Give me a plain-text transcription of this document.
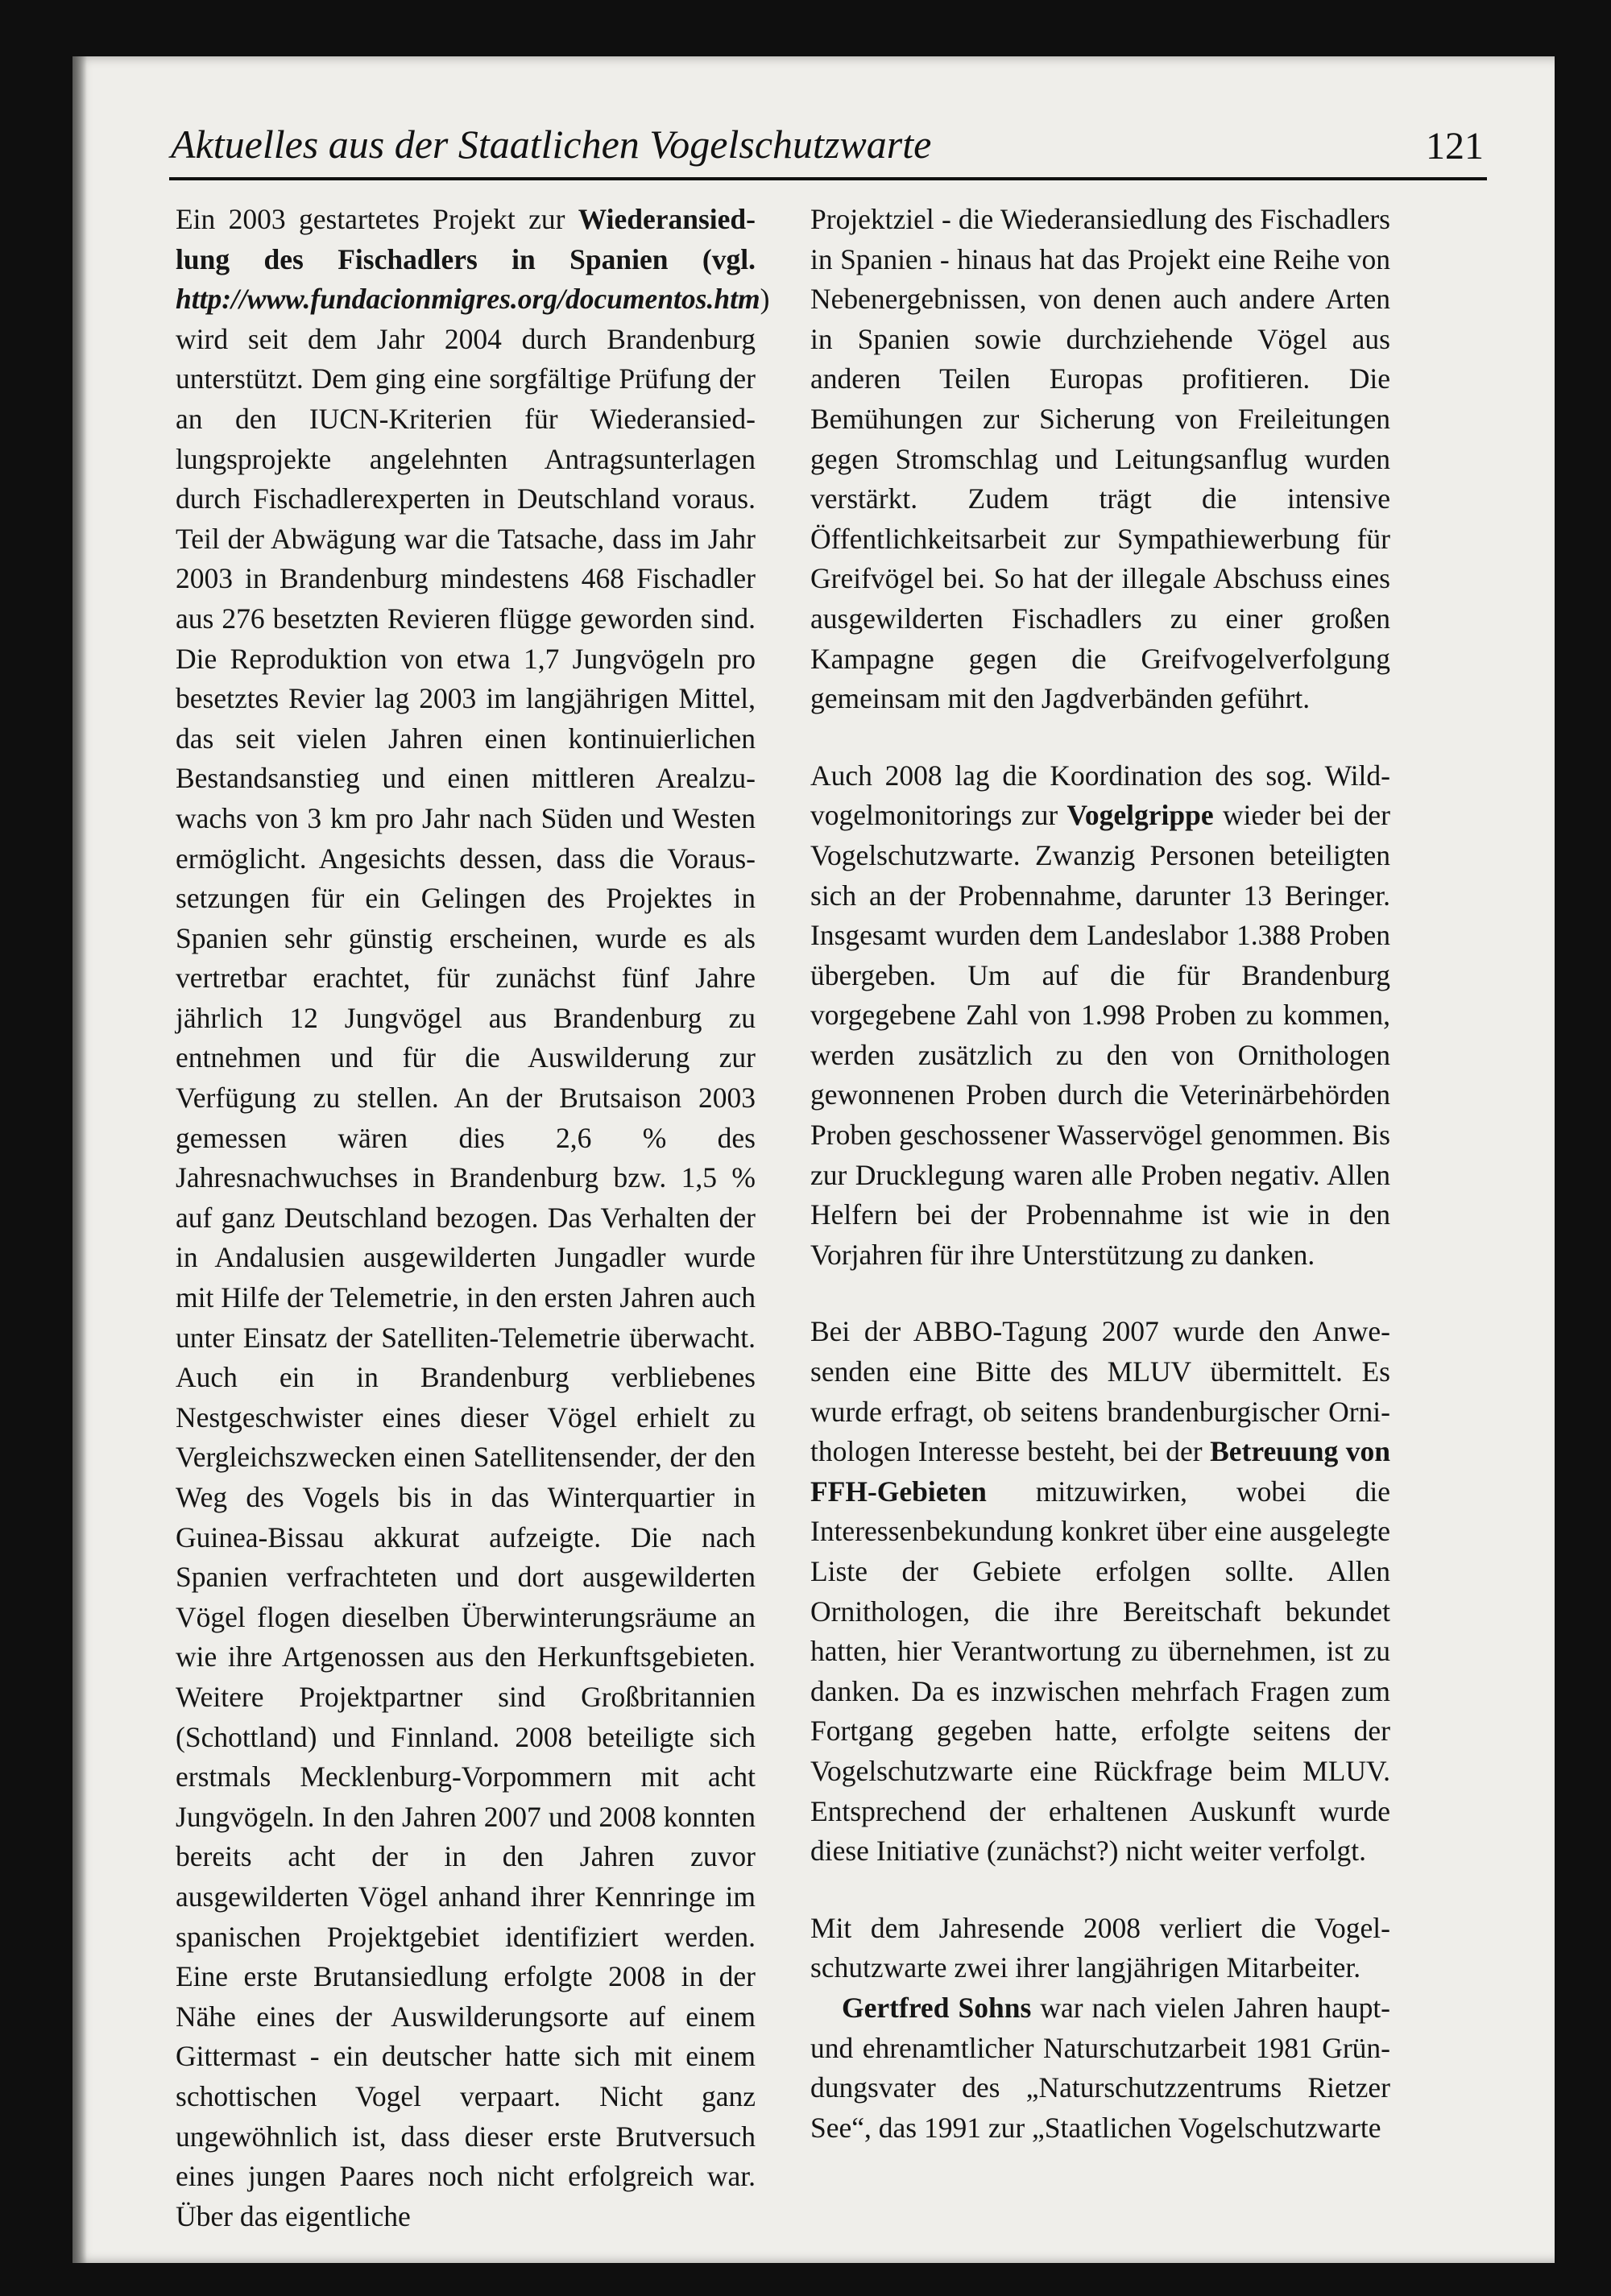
Aktuelles aus der Staatlichen Vogelschutzwarte	121

Ein 2003 gestartetes Projekt zur Wiederansiedlung des Fischadlers in Spanien (vgl. http://www.fundacionmigres.org/documentos.htm) wird seit dem Jahr 2004 durch Brandenburg unterstützt. Dem ging eine sorgfältige Prüfung der an den IUCN-Kriterien für Wiederansiedlungsprojekte angelehnten Antragsunterlagen durch Fischadlerexperten in Deutschland voraus. Teil der Abwägung war die Tatsache, dass im Jahr 2003 in Brandenburg mindestens 468 Fischadler aus 276 besetzten Revieren flügge geworden sind. Die Reproduktion von etwa 1,7 Jungvögeln pro besetztes Revier lag 2003 im langjährigen Mittel, das seit vielen Jahren einen kontinuierlichen Bestandsanstieg und einen mittleren Arealzuwachs von 3 km pro Jahr nach Süden und Westen ermöglicht. Angesichts dessen, dass die Voraussetzungen für ein Gelingen des Projektes in Spanien sehr günstig erscheinen, wurde es als vertretbar erachtet, für zunächst fünf Jahre jährlich 12 Jungvögel aus Brandenburg zu entnehmen und für die Auswilderung zur Verfügung zu stellen. An der Brutsaison 2003 gemessen wären dies 2,6 % des Jahresnachwuchses in Brandenburg bzw. 1,5 % auf ganz Deutschland bezogen. Das Verhalten der in Andalusien ausgewilderten Jungadler wurde mit Hilfe der Telemetrie, in den ersten Jahren auch unter Einsatz der Satelliten-Telemetrie überwacht. Auch ein in Brandenburg verbliebenes Nestgeschwister eines dieser Vögel erhielt zu Vergleichszwecken einen Satellitensender, der den Weg des Vogels bis in das Winterquartier in Guinea-Bissau akkurat aufzeigte. Die nach Spanien verfrachteten und dort ausgewilderten Vögel flogen dieselben Überwinterungsräume an wie ihre Artgenossen aus den Herkunftsgebieten. Weitere Projektpartner sind Großbritannien (Schottland) und Finnland. 2008 beteiligte sich erstmals Mecklenburg-Vorpommern mit acht Jungvögeln. In den Jahren 2007 und 2008 konnten bereits acht der in den Jahren zuvor ausgewilderten Vögel anhand ihrer Kennringe im spanischen Projektgebiet identifiziert werden. Eine erste Brutansiedlung erfolgte 2008 in der Nähe eines der Auswilderungsorte auf einem Gittermast - ein deutscher hatte sich mit einem schottischen Vogel verpaart. Nicht ganz ungewöhnlich ist, dass dieser erste Brutversuch eines jungen Paares noch nicht erfolgreich war. Über das eigentliche

Projektziel - die Wiederansiedlung des Fischadlers in Spanien - hinaus hat das Projekt eine Reihe von Nebenergebnissen, von denen auch andere Arten in Spanien sowie durchziehende Vögel aus anderen Teilen Europas profitieren. Die Bemühungen zur Sicherung von Freileitungen gegen Stromschlag und Leitungsanflug wurden verstärkt. Zudem trägt die intensive Öffentlichkeitsarbeit zur Sympathiewerbung für Greifvögel bei. So hat der illegale Abschuss eines ausgewilderten Fischadlers zu einer großen Kampagne gegen die Greifvogelverfolgung gemeinsam mit den Jagdverbänden geführt.

Auch 2008 lag die Koordination des sog. Wildvogelmonitorings zur Vogelgrippe wieder bei der Vogelschutzwarte. Zwanzig Personen beteiligten sich an der Probennahme, darunter 13 Beringer. Insgesamt wurden dem Landeslabor 1.388 Proben übergeben. Um auf die für Brandenburg vorgegebene Zahl von 1.998 Proben zu kommen, werden zusätzlich zu den von Ornithologen gewonnenen Proben durch die Veterinärbehörden Proben geschossener Wasservögel genommen. Bis zur Drucklegung waren alle Proben negativ. Allen Helfern bei der Probennahme ist wie in den Vorjahren für ihre Unterstützung zu danken.

Bei der ABBO-Tagung 2007 wurde den Anwesenden eine Bitte des MLUV übermittelt. Es wurde erfragt, ob seitens brandenburgischer Ornithologen Interesse besteht, bei der Betreuung von FFH-Gebieten mitzuwirken, wobei die Interessenbekundung konkret über eine ausgelegte Liste der Gebiete erfolgen sollte. Allen Ornithologen, die ihre Bereitschaft bekundet hatten, hier Verantwortung zu übernehmen, ist zu danken. Da es inzwischen mehrfach Fragen zum Fortgang gegeben hatte, erfolgte seitens der Vogelschutzwarte eine Rückfrage beim MLUV. Entsprechend der erhaltenen Auskunft wurde diese Initiative (zunächst?) nicht weiter verfolgt.

Mit dem Jahresende 2008 verliert die Vogelschutzwarte zwei ihrer langjährigen Mitarbeiter.

Gertfred Sohns war nach vielen Jahren haupt- und ehrenamtlicher Naturschutzarbeit 1981 Gründungsvater des „Naturschutzzentrums Rietzer See“, das 1991 zur „Staatlichen Vogelschutzwarte
